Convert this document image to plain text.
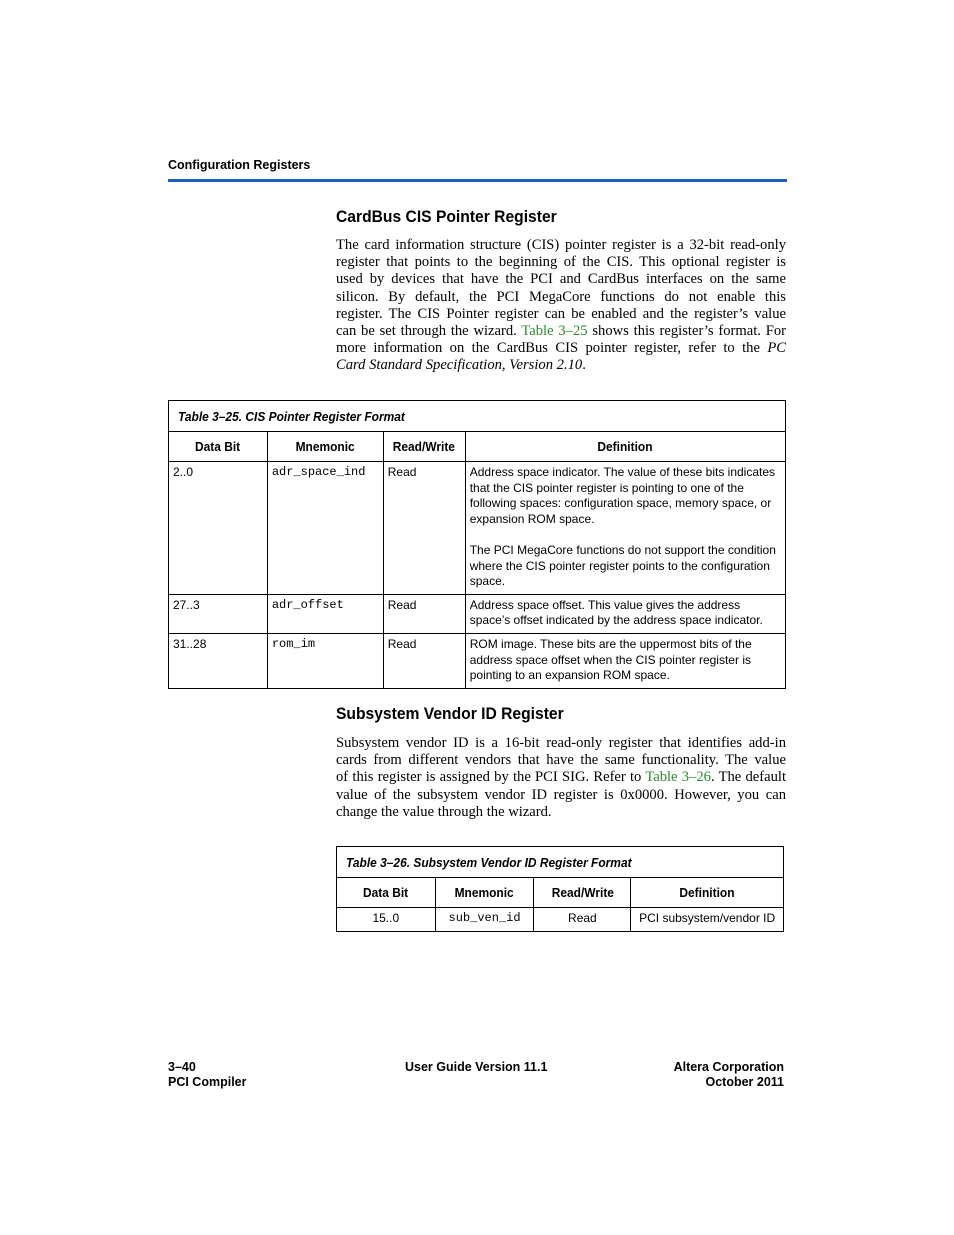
Configuration Registers
CardBus CIS Pointer Register
The card information structure (CIS) pointer register is a 32-bit read-only
register that points to the beginning of the CIS. This optional register is
used by devices that have the PCI and CardBus interfaces on the same
silicon. By default, the PCI MegaCore functions do not enable this
register. The CIS Pointer register can be enabled and the register’s value
can be set through the wizard. Table 3–25 shows this register’s format. For
more information on the CardBus CIS pointer register, refer to the PC
Card Standard Specification, Version 2.10.
Table 3–25. CIS Pointer Register Format			
Data Bit	Mnemonic	Read/Write	Definition
2..0	adr_space_ind	Read	Address space indicator. The value of these bits indicates that the CIS pointer register is pointing to one of the following spaces: configuration space, memory space, or expansion ROM space.

The PCI MegaCore functions do not support the condition where the CIS pointer register points to the configuration space.

27..3	adr_offset	Read	Address space offset. This value gives the address space’s offset indicated by the address space indicator.
31..28	rom_im	Read	ROM image. These bits are the uppermost bits of the address space offset when the CIS pointer register is pointing to an expansion ROM space.
Subsystem Vendor ID Register
Subsystem vendor ID is a 16-bit read-only register that identifies add-in
cards from different vendors that have the same functionality. The value
of this register is assigned by the PCI SIG. Refer to Table 3–26. The default
value of the subsystem vendor ID register is 0x0000. However, you can
change the value through the wizard.
Table 3–26. Subsystem Vendor ID Register Format			
Data Bit	Mnemonic	Read/Write	Definition
15..0	sub_ven_id	Read	PCI subsystem/vendor ID
3–40
PCI Compiler
User Guide Version 11.1	Altera Corporation
October 2011
